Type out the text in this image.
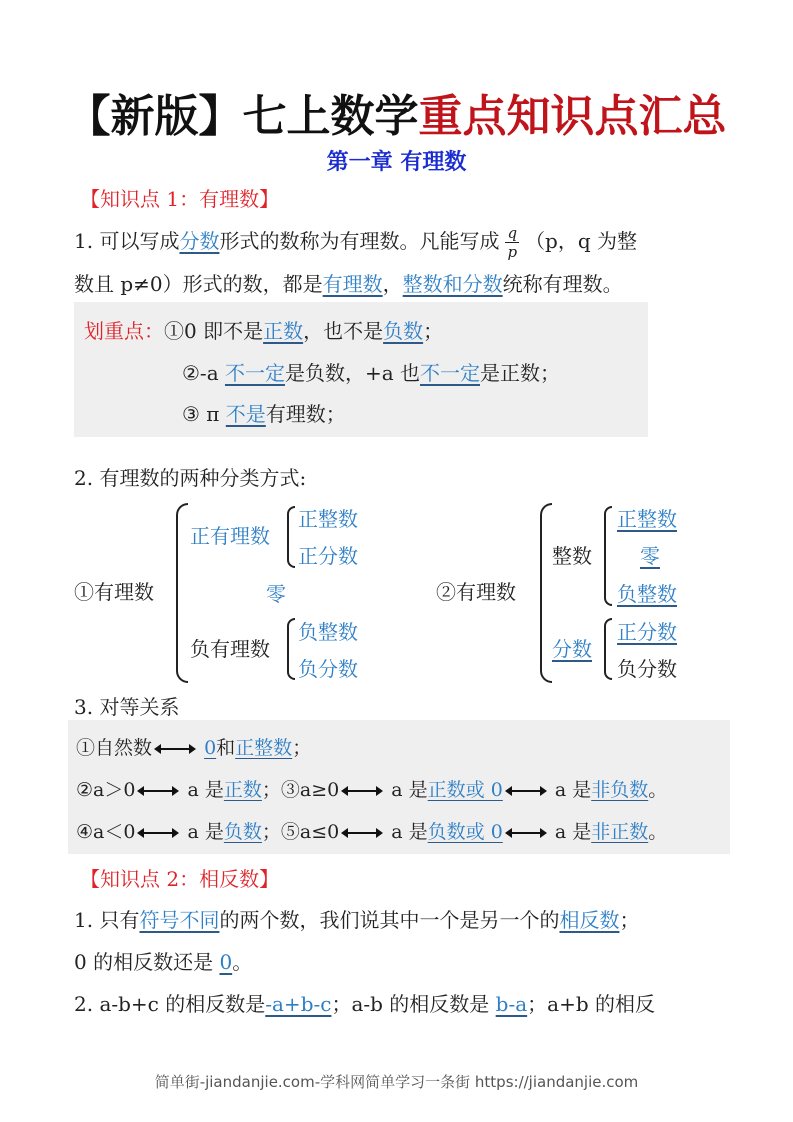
【新版】七上数学重点知识点汇总
第一章 有理数
【知识点 1：有理数】
1. 可以写成分数形式的数称为有理数。凡能写成 $\frac{q}{p} (p$，q 为整
数且 p≠0）形式的数，都是有理数，整数和分数统称有理数。
划重点：①0 即不是正数，也不是负数；
②-a 不一定是负数，+a 也不一定是正数；
③ π 不是有理数；
2. 有理数的两种分类方式:
①有理数
正有理数
正整数
正分数
零
负有理数
负整数
负分数
②有理数
整数
正整数
零
负整数
分数
正分数
负分数
3. 对等关系
①自然数	0和正整数；
②a＞0 a 是正数；③a≥0 a 是正数或 0 a 是非负数。
④a＜0 a 是负数；⑤a≤0 a 是负数或 0 a 是非正数。
【知识点 2：相反数】
1. 只有符号不同的两个数，我们说其中一个是另一个的相反数；
0 的相反数还是 0。
2. a-b+c 的相反数是-a+b-c；a-b 的相反数是 b-a；a+b 的相反
简单街-jiandanjie.com-学科网简单学习一条街 https://jiandanjie.com
